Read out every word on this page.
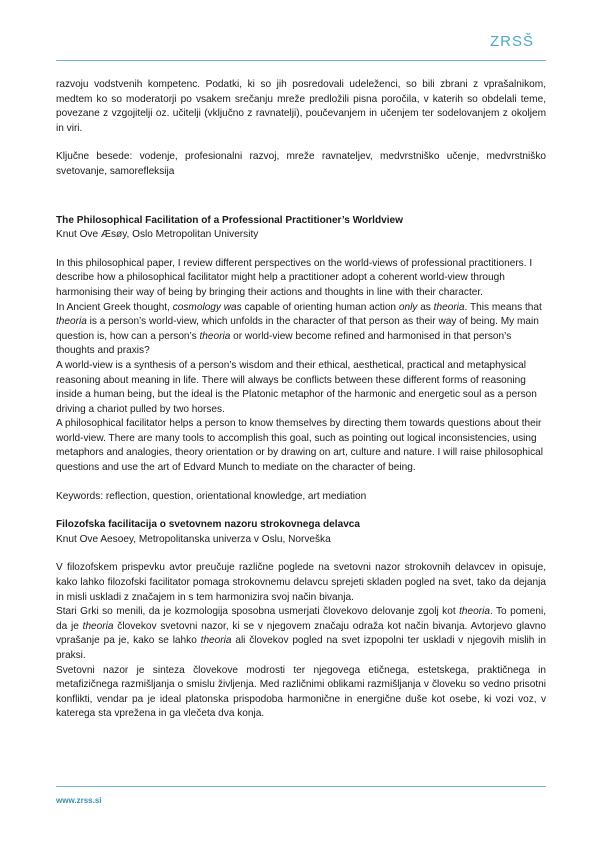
ZRSŠ

razvoju vodstvenih kompetenc. Podatki, ki so jih posredovali udeleženci, so bili zbrani z vprašalnikom, medtem ko so moderatorji po vsakem srečanju mreže predložili pisna poročila, v katerih so obdelali teme, povezane z vzgojitelji oz. učitelji (vključno z ravnatelji), poučevanjem in učenjem ter sodelovanjem z okoljem in viri.

Ključne besede: vodenje, profesionalni razvoj, mreže ravnateljev, medvrstniško učenje, medvrstniško svetovanje, samorefleksija

The Philosophical Facilitation of a Professional Practitioner’s Worldview

Knut Ove Æsøy, Oslo Metropolitan University

In this philosophical paper, I review different perspectives on the world-views of professional practitioners. I describe how a philosophical facilitator might help a practitioner adopt a coherent world-view through harmonising their way of being by bringing their actions and thoughts in line with their character.

In Ancient Greek thought, cosmology was capable of orienting human action only as theoria. This means that theoria is a person’s world-view, which unfolds in the character of that person as their way of being. My main question is, how can a person’s theoria or world-view become refined and harmonised in that person’s thoughts and praxis?

A world-view is a synthesis of a person’s wisdom and their ethical, aesthetical, practical and metaphysical reasoning about meaning in life. There will always be conflicts between these different forms of reasoning inside a human being, but the ideal is the Platonic metaphor of the harmonic and energetic soul as a person driving a chariot pulled by two horses.

A philosophical facilitator helps a person to know themselves by directing them towards questions about their world-view. There are many tools to accomplish this goal, such as pointing out logical inconsistencies, using metaphors and analogies, theory orientation or by drawing on art, culture and nature. I will raise philosophical questions and use the art of Edvard Munch to mediate on the character of being.

Keywords: reflection, question, orientational knowledge, art mediation

Filozofska facilitacija o svetovnem nazoru strokovnega delavca

Knut Ove Aesoey, Metropolitanska univerza v Oslu, Norveška

V filozofskem prispevku avtor preučuje različne poglede na svetovni nazor strokovnih delavcev in opisuje, kako lahko filozofski facilitator pomaga strokovnemu delavcu sprejeti skladen pogled na svet, tako da dejanja in misli uskladi z značajem in s tem harmonizira svoj način bivanja.

Stari Grki so menili, da je kozmologija sposobna usmerjati človekovo delovanje zgolj kot theoria. To pomeni, da je theoria človekov svetovni nazor, ki se v njegovem značaju odraža kot način bivanja. Avtorjevo glavno vprašanje pa je, kako se lahko theoria ali človekov pogled na svet izpopolni ter uskladi v njegovih mislih in praksi.

Svetovni nazor je sinteza človekove modrosti ter njegovega etičnega, estetskega, praktičnega in metafizičnega razmišljanja o smislu življenja. Med različnimi oblikami razmišljanja v človeku so vedno prisotni konflikti, vendar pa je ideal platonska prispodoba harmonične in energične duše kot osebe, ki vozi voz, v katerega sta vprežena in ga vlečeta dva konja.

www.zrss.si
